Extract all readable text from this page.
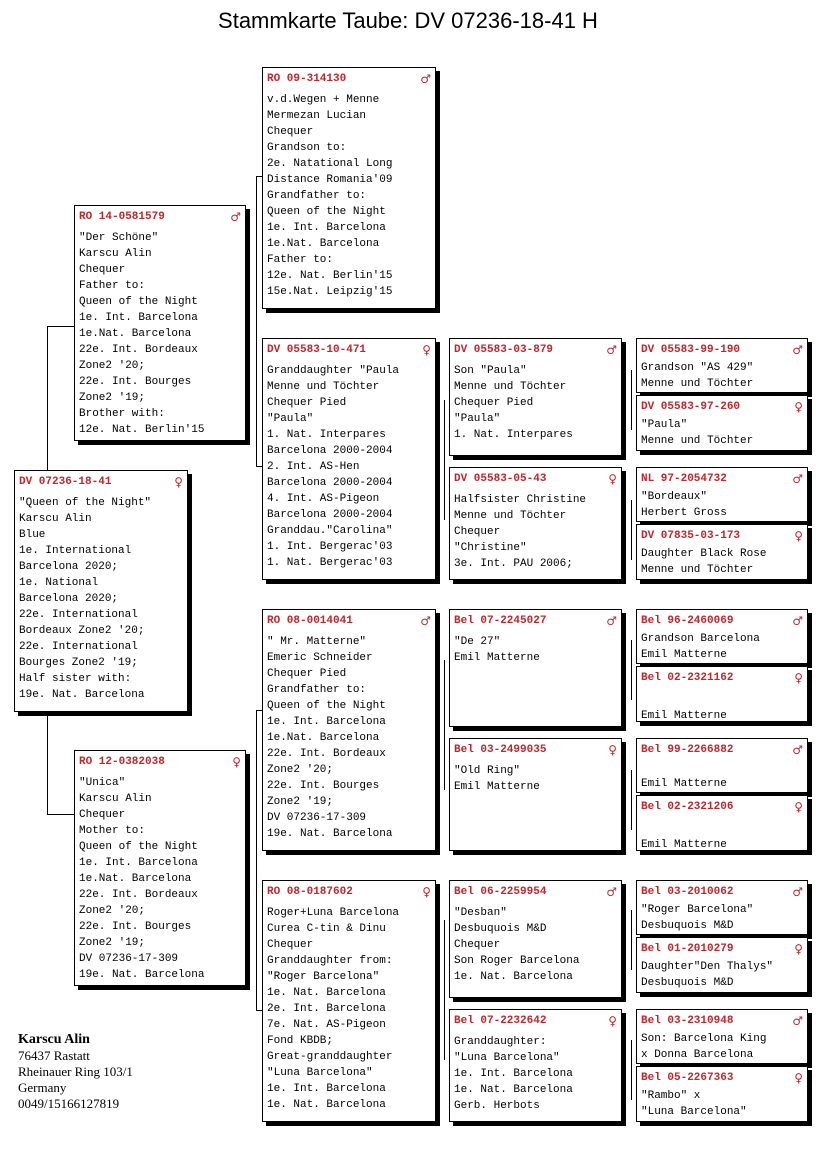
Stammkarte Taube: DV 07236-18-41 H
DV 07236-18-41	♀
"Queen of the Night"
Karscu Alin
Blue
1e. International
Barcelona 2020;
1e. National
Barcelona 2020;
22e. International
Bordeaux Zone2 '20;
22e. International
Bourges Zone2 '19;
Half sister with:
19e. Nat. Barcelona
RO 14-0581579	♂
"Der Schöne"
Karscu Alin
Chequer
Father to:
Queen of the Night
1e. Int. Barcelona
1e.Nat. Barcelona
22e. Int. Bordeaux
Zone2 '20;
22e. Int. Bourges
Zone2 '19;
Brother with:
12e. Nat. Berlin'15
RO 12-0382038	♀
"Unica"
Karscu Alin
Chequer
Mother to:
Queen of the Night
1e. Int. Barcelona
1e.Nat. Barcelona
22e. Int. Bordeaux
Zone2 '20;
22e. Int. Bourges
Zone2 '19;
DV 07236-17-309
19e. Nat. Barcelona
RO 09-314130	♂
v.d.Wegen + Menne
Mermezan Lucian
Chequer
Grandson to:
2e. Natational Long
Distance Romania'09
Grandfather to:
Queen of the Night
1e. Int. Barcelona
1e.Nat. Barcelona
Father to:
12e. Nat. Berlin'15
15e.Nat. Leipzig'15
DV 05583-10-471	♀
Granddaughter "Paula
Menne und Töchter
Chequer Pied
"Paula"
1. Nat. Interpares
Barcelona 2000-2004
2. Int. AS-Hen
Barcelona 2000-2004
4. Int. AS-Pigeon
Barcelona 2000-2004
Granddau."Carolina"
1. Int. Bergerac'03
1. Nat. Bergerac'03
RO 08-0014041	♂
" Mr. Matterne"
Emeric Schneider
Chequer Pied
Grandfather to:
Queen of the Night
1e. Int. Barcelona
1e.Nat. Barcelona
22e. Int. Bordeaux
Zone2 '20;
22e. Int. Bourges
Zone2 '19;
DV 07236-17-309
19e. Nat. Barcelona
RO 08-0187602	♀
Roger+Luna Barcelona
Curea C-tin & Dinu
Chequer
Granddaughter from:
"Roger Barcelona"
1e. Nat. Barcelona
2e. Int. Barcelona
7e. Nat. AS-Pigeon
Fond KBDB;
Great-granddaughter
"Luna Barcelona"
1e. Int. Barcelona
1e. Nat. Barcelona
DV 05583-03-879	♂
Son "Paula"
Menne und Töchter
Chequer Pied
"Paula"
1. Nat. Interpares
DV 05583-05-43	♀
Halfsister Christine
Menne und Töchter
Chequer
"Christine"
3e. Int. PAU 2006;
Bel 07-2245027	♂
"De 27"
Emil Matterne
Bel 03-2499035	♀
"Old Ring"
Emil Matterne
Bel 06-2259954	♂
"Desban"
Desbuquois M&D
Chequer
Son Roger Barcelona
1e. Nat. Barcelona
Bel 07-2232642	♀
Granddaughter:
"Luna Barcelona"
1e. Int. Barcelona
1e. Nat. Barcelona
Gerb. Herbots
DV 05583-99-190	♂
Grandson "AS 429"
Menne und Töchter
DV 05583-97-260	♀
"Paula"
Menne und Töchter
NL 97-2054732	♂
"Bordeaux"
Herbert Gross
DV 07835-03-173	♀
Daughter Black Rose
Menne und Töchter
Bel 96-2460069	♂
Grandson Barcelona
Emil Matterne
Bel 02-2321162	♀

Emil Matterne
Bel 99-2266882	♂

Emil Matterne
Bel 02-2321206	♀

Emil Matterne
Bel 03-2010062	♂
"Roger Barcelona"
Desbuquois M&D
Bel 01-2010279	♀
Daughter"Den Thalys"
Desbuquois M&D
Bel 03-2310948	♂
Son: Barcelona King
x Donna Barcelona
Bel 05-2267363	♀
"Rambo" x
"Luna Barcelona"
Karscu Alin
76437 Rastatt
Rheinauer Ring 103/1
Germany
0049/15166127819
